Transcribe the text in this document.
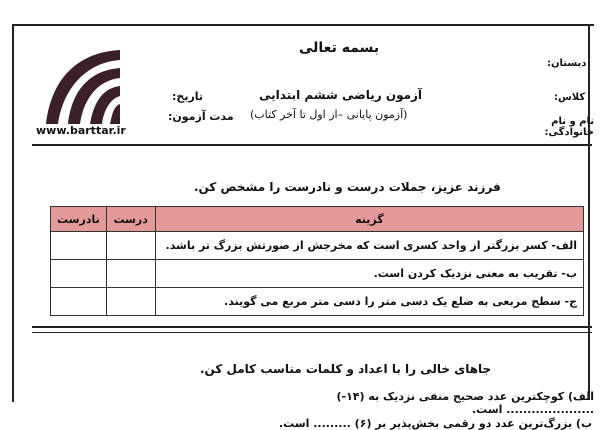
www.barttar.ir
بسمه تعالی
آزمون ریاضی ششم ابتدایی
(آزمون پایانی –از اول تا آخر کتاب)
تاریخ:
مدت آزمون:
دبستان:
کلاس:
نام و نام خانوادگی:
فرزند عزیز، جملات درست و نادرست را مشخص کن.
نادرست	درست	گزینه
		الف- کسر بزرگتر از واحد کسری است که مخرجش از صورتش بزرگ تر باشد.
		ب- تقریب به معنی نزدیک کردن است.
		ج- سطح مربعی به ضلع یک دسی متر را دسی متر مربع می گویند.
جاهای خالی را با اعداد و کلمات مناسب کامل کن.
الف) کوچکترین عدد صحیح منفی نزدیک به (۱۴-) ..................... است.
ب) بزرگ‌ترین عدد دو رقمی بخش‌پذیر بر (۶) ......... است.
